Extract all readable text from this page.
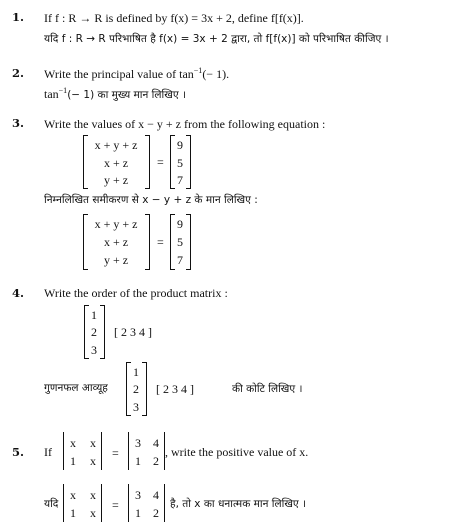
1. If f : R → R is defined by f(x) = 3x + 2, define f[f(x)].
यदि f : R → R परिभाषित है f(x) = 3x + 2 द्वारा, तो f[f(x)] को परिभाषित कीजिए ।
2. Write the principal value of $\tan^{-1}(- 1)$.
$\tan^{-1}(- 1)$ का मुख्य मान लिखिए ।
3. Write the values of x − y + z from the following equation :
x + y + z
x + z
y + z
=
9
5
7
निम्नलिखित समीकरण से x − y + z के मान लिखिए :
x + y + z
x + z
y + z
=
9
5
7
4. Write the order of the product matrix :
1
2
3
[ 2 3 4 ]
गुणनफल आव्यूह
1
2
3
[ 2 3 4 ]	की कोटि लिखिए ।
5. If
x x
1 x
=
3 4
1 2
, write the positive value of x.
यदि
x x
1 x
=
3 4
1 2
है, तो x का धनात्मक मान लिखिए ।
